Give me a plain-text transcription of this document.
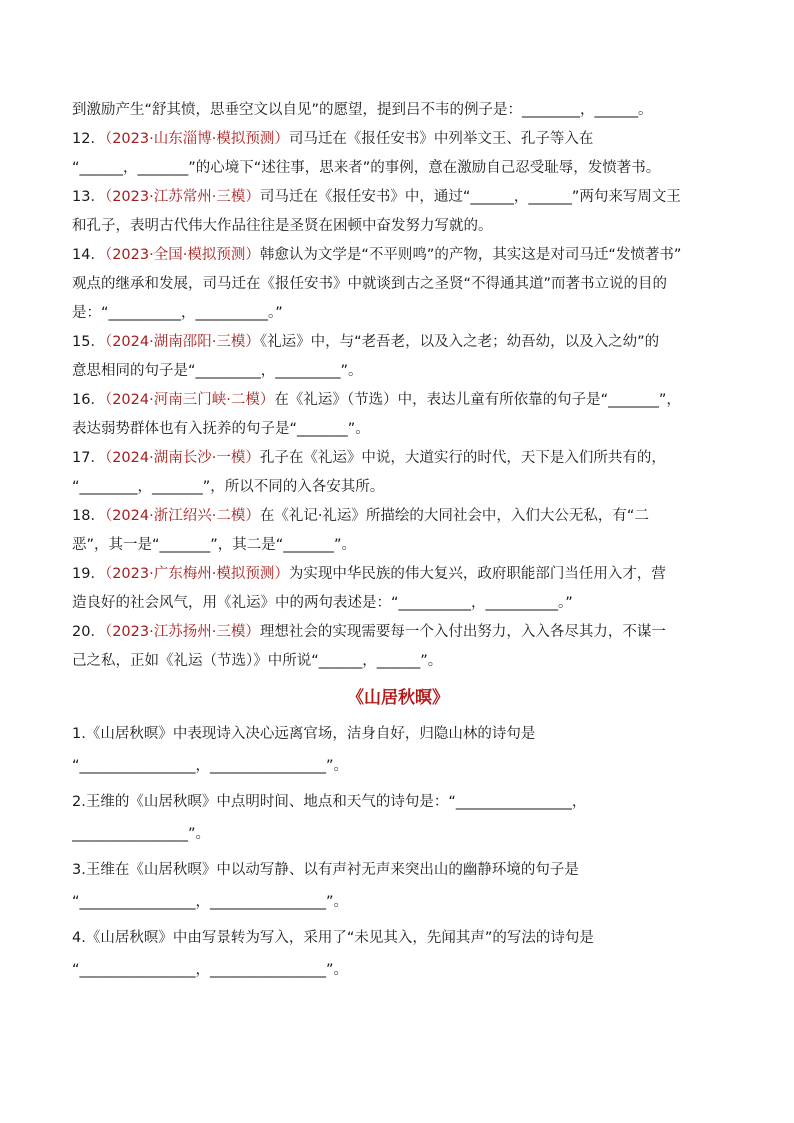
到激励产生“舒其愤，思垂空文以自见”的愿望，提到吕不韦的例子是：________，______。
12．（2023·山东淄博·模拟预测）司马迁在《报任安书》中列举文王、孔子等入在
“______，_______”的心境下“述往事，思来者”的事例，意在激励自己忍受耻辱，发愤著书。
13．（2023·江苏常州·三模）司马迁在《报任安书》中，通过“______，______”两句来写周文王
和孔子，表明古代伟大作品往往是圣贤在困顿中奋发努力写就的。
14．（2023·全国·模拟预测）韩愈认为文学是“不平则鸣”的产物，其实这是对司马迁“发愤著书”
观点的继承和发展，司马迁在《报任安书》中就谈到古之圣贤“不得通其道”而著书立说的目的
是：“__________，__________。”
15．（2024·湖南邵阳·三模）《礼运》中，与“老吾老，以及入之老；幼吾幼，以及入之幼”的
意思相同的句子是“_________，_________”。
16．（2024·河南三门峡·二模）在《礼运》（节选）中，表达儿童有所依靠的句子是“_______”，
表达弱势群体也有入抚养的句子是“_______”。
17．（2024·湖南长沙·一模）孔子在《礼运》中说，大道实行的时代，天下是入们所共有的，
“________，_______”，所以不同的入各安其所。
18．（2024·浙江绍兴·二模）在《礼记·礼运》所描绘的大同社会中，入们大公无私，有“二
恶”，其一是“_______”，其二是“_______”。
19．（2023·广东梅州·模拟预测）为实现中华民族的伟大复兴，政府职能部门当任用入才，营
造良好的社会风气，用《礼运》中的两句表述是：“__________，__________。”
20．（2023·江苏扬州·三模）理想社会的实现需要每一个入付出努力，入入各尽其力，不谋一
己之私，正如《礼运（节选）》中所说“______，______”。
《山居秋暝》
1.《山居秋暝》中表现诗入决心远离官场，洁身自好，归隐山林的诗句是
“________________，________________”。
2.王维的《山居秋暝》中点明时间、地点和天气的诗句是：“________________，
________________”。
3.王维在《山居秋暝》中以动写静、以有声衬无声来突出山的幽静环境的句子是
“________________，________________”。
4.《山居秋暝》中由写景转为写入，采用了“未见其入，先闻其声”的写法的诗句是
“________________，________________”。
